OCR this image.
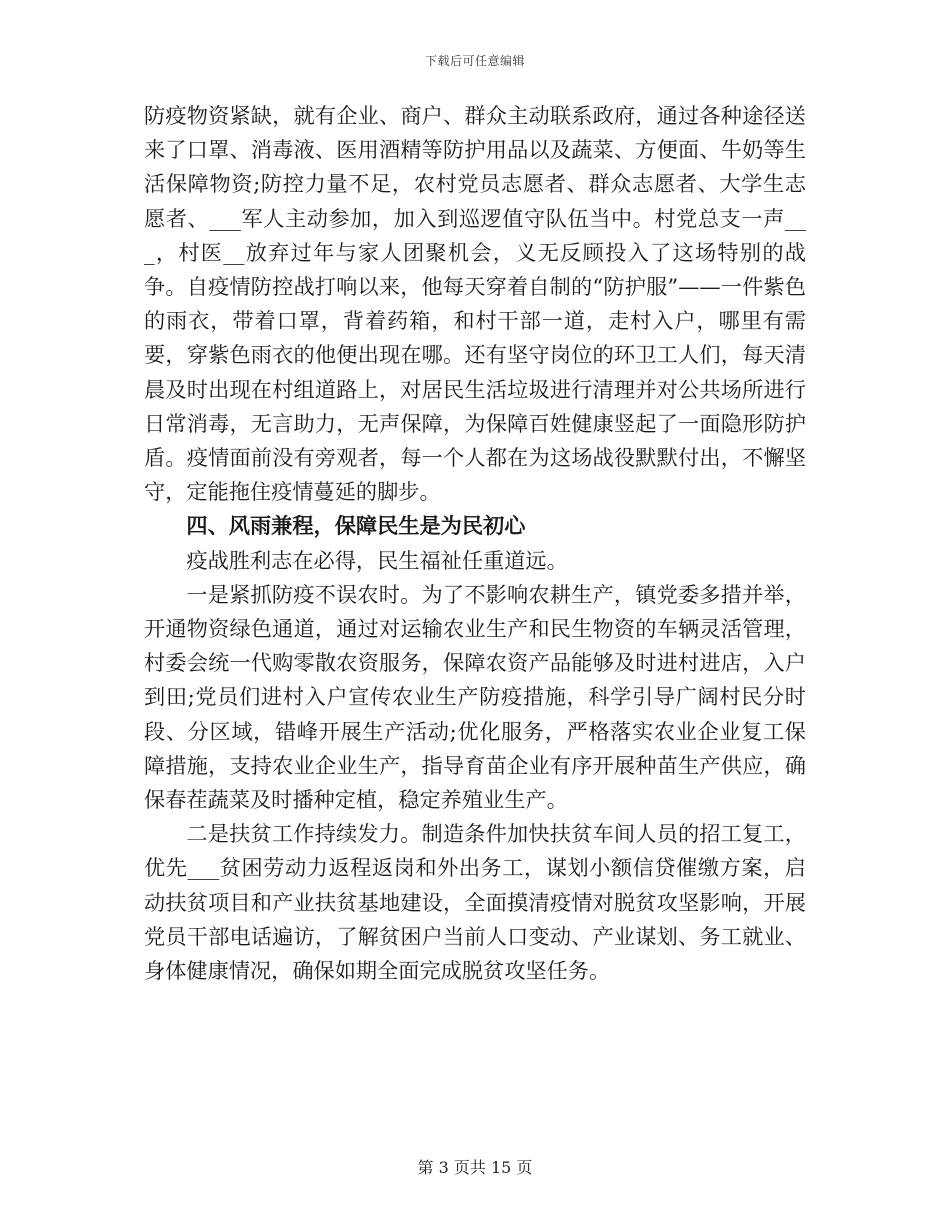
下载后可任意编辑

防疫物资紧缺，就有企业、商户、群众主动联系政府，通过各种途径送来了口罩、消毒液、医用酒精等防护用品以及蔬菜、方便面、牛奶等生活保障物资;防控力量不足，农村党员志愿者、群众志愿者、大学生志愿者、___军人主动参加，加入到巡逻值守队伍当中。村党总支一声___，村医__放弃过年与家人团聚机会，义无反顾投入了这场特别的战争。自疫情防控战打响以来，他每天穿着自制的“防护服”——一件紫色的雨衣，带着口罩，背着药箱，和村干部一道，走村入户，哪里有需要，穿紫色雨衣的他便出现在哪。还有坚守岗位的环卫工人们，每天清晨及时出现在村组道路上，对居民生活垃圾进行清理并对公共场所进行日常消毒，无言助力，无声保障，为保障百姓健康竖起了一面隐形防护盾。疫情面前没有旁观者，每一个人都在为这场战役默默付出，不懈坚守，定能拖住疫情蔓延的脚步。

四、风雨兼程，保障民生是为民初心

疫战胜利志在必得，民生福祉任重道远。

一是紧抓防疫不误农时。为了不影响农耕生产，镇党委多措并举，开通物资绿色通道，通过对运输农业生产和民生物资的车辆灵活管理，村委会统一代购零散农资服务，保障农资产品能够及时进村进店，入户到田;党员们进村入户宣传农业生产防疫措施，科学引导广阔村民分时段、分区域，错峰开展生产活动;优化服务，严格落实农业企业复工保障措施，支持农业企业生产，指导育苗企业有序开展种苗生产供应，确保春茬蔬菜及时播种定植，稳定养殖业生产。

二是扶贫工作持续发力。制造条件加快扶贫车间人员的招工复工，优先___贫困劳动力返程返岗和外出务工，谋划小额信贷催缴方案，启动扶贫项目和产业扶贫基地建设，全面摸清疫情对脱贫攻坚影响，开展党员干部电话遍访，了解贫困户当前人口变动、产业谋划、务工就业、身体健康情况，确保如期全面完成脱贫攻坚任务。

第 3 页共 15 页
